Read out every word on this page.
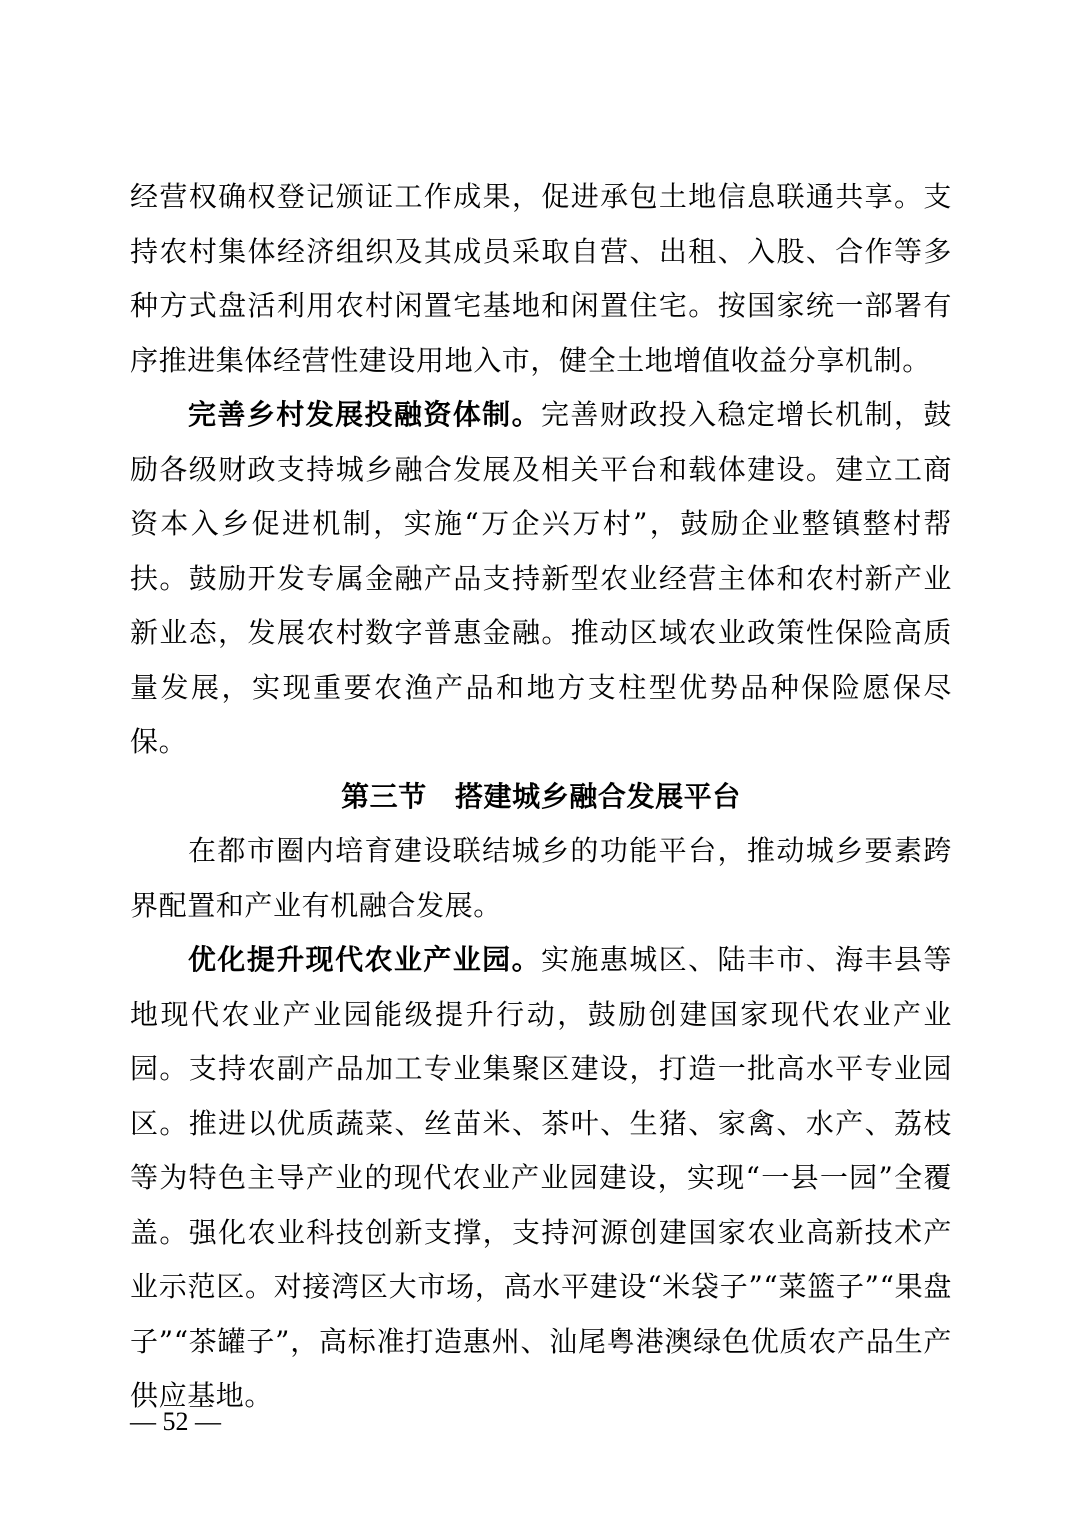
经营权确权登记颁证工作成果，促进承包土地信息联通共享。支持农村集体经济组织及其成员采取自营、出租、入股、合作等多种方式盘活利用农村闲置宅基地和闲置住宅。按国家统一部署有序推进集体经营性建设用地入市，健全土地增值收益分享机制。

完善乡村发展投融资体制。完善财政投入稳定增长机制，鼓励各级财政支持城乡融合发展及相关平台和载体建设。建立工商资本入乡促进机制，实施“万企兴万村”，鼓励企业整镇整村帮扶。鼓励开发专属金融产品支持新型农业经营主体和农村新产业新业态，发展农村数字普惠金融。推动区域农业政策性保险高质量发展，实现重要农渔产品和地方支柱型优势品种保险愿保尽保。

第三节 搭建城乡融合发展平台

在都市圈内培育建设联结城乡的功能平台，推动城乡要素跨界配置和产业有机融合发展。

优化提升现代农业产业园。实施惠城区、陆丰市、海丰县等地现代农业产业园能级提升行动，鼓励创建国家现代农业产业园。支持农副产品加工专业集聚区建设，打造一批高水平专业园区。推进以优质蔬菜、丝苗米、茶叶、生猪、家禽、水产、荔枝等为特色主导产业的现代农业产业园建设，实现“一县一园”全覆盖。强化农业科技创新支撑，支持河源创建国家农业高新技术产业示范区。对接湾区大市场，高水平建设“米袋子”“菜篮子”“果盘子”“茶罐子”，高标准打造惠州、汕尾粤港澳绿色优质农产品生产供应基地。

— 52 —
